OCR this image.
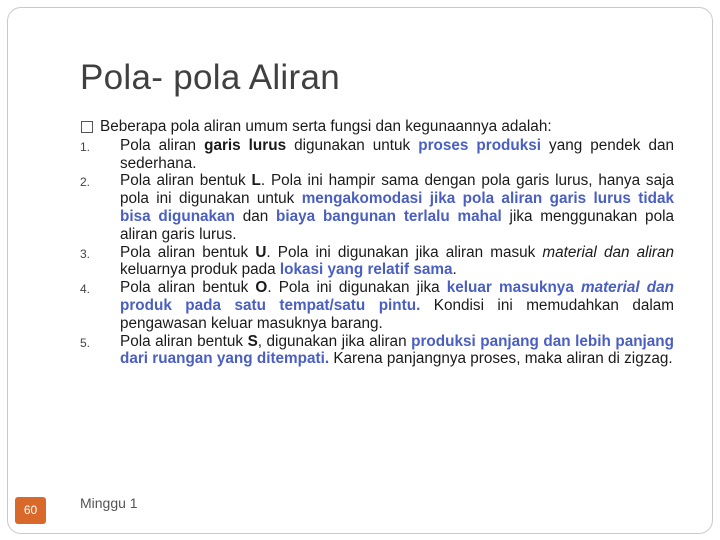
Pola- pola Aliran
Beberapa pola aliran umum serta fungsi dan kegunaannya adalah:
1.	Pola aliran garis lurus digunakan untuk proses produksi yang pendek dan sederhana.
2.	Pola aliran bentuk L. Pola ini hampir sama dengan pola garis lurus, hanya saja pola ini digunakan untuk mengakomodasi jika pola aliran garis lurus tidak bisa digunakan dan biaya bangunan terlalu mahal jika menggunakan pola aliran garis lurus.
3.	Pola aliran bentuk U. Pola ini digunakan jika aliran masuk material dan aliran keluarnya produk pada lokasi yang relatif sama.
4.	Pola aliran bentuk O. Pola ini digunakan jika keluar masuknya material dan produk pada satu tempat/satu pintu. Kondisi ini memudahkan dalam pengawasan keluar masuknya barang.
5.	Pola aliran bentuk S, digunakan jika aliran produksi panjang dan lebih panjang dari ruangan yang ditempati. Karena panjangnya proses, maka aliran di zigzag.
Minggu 1
60
